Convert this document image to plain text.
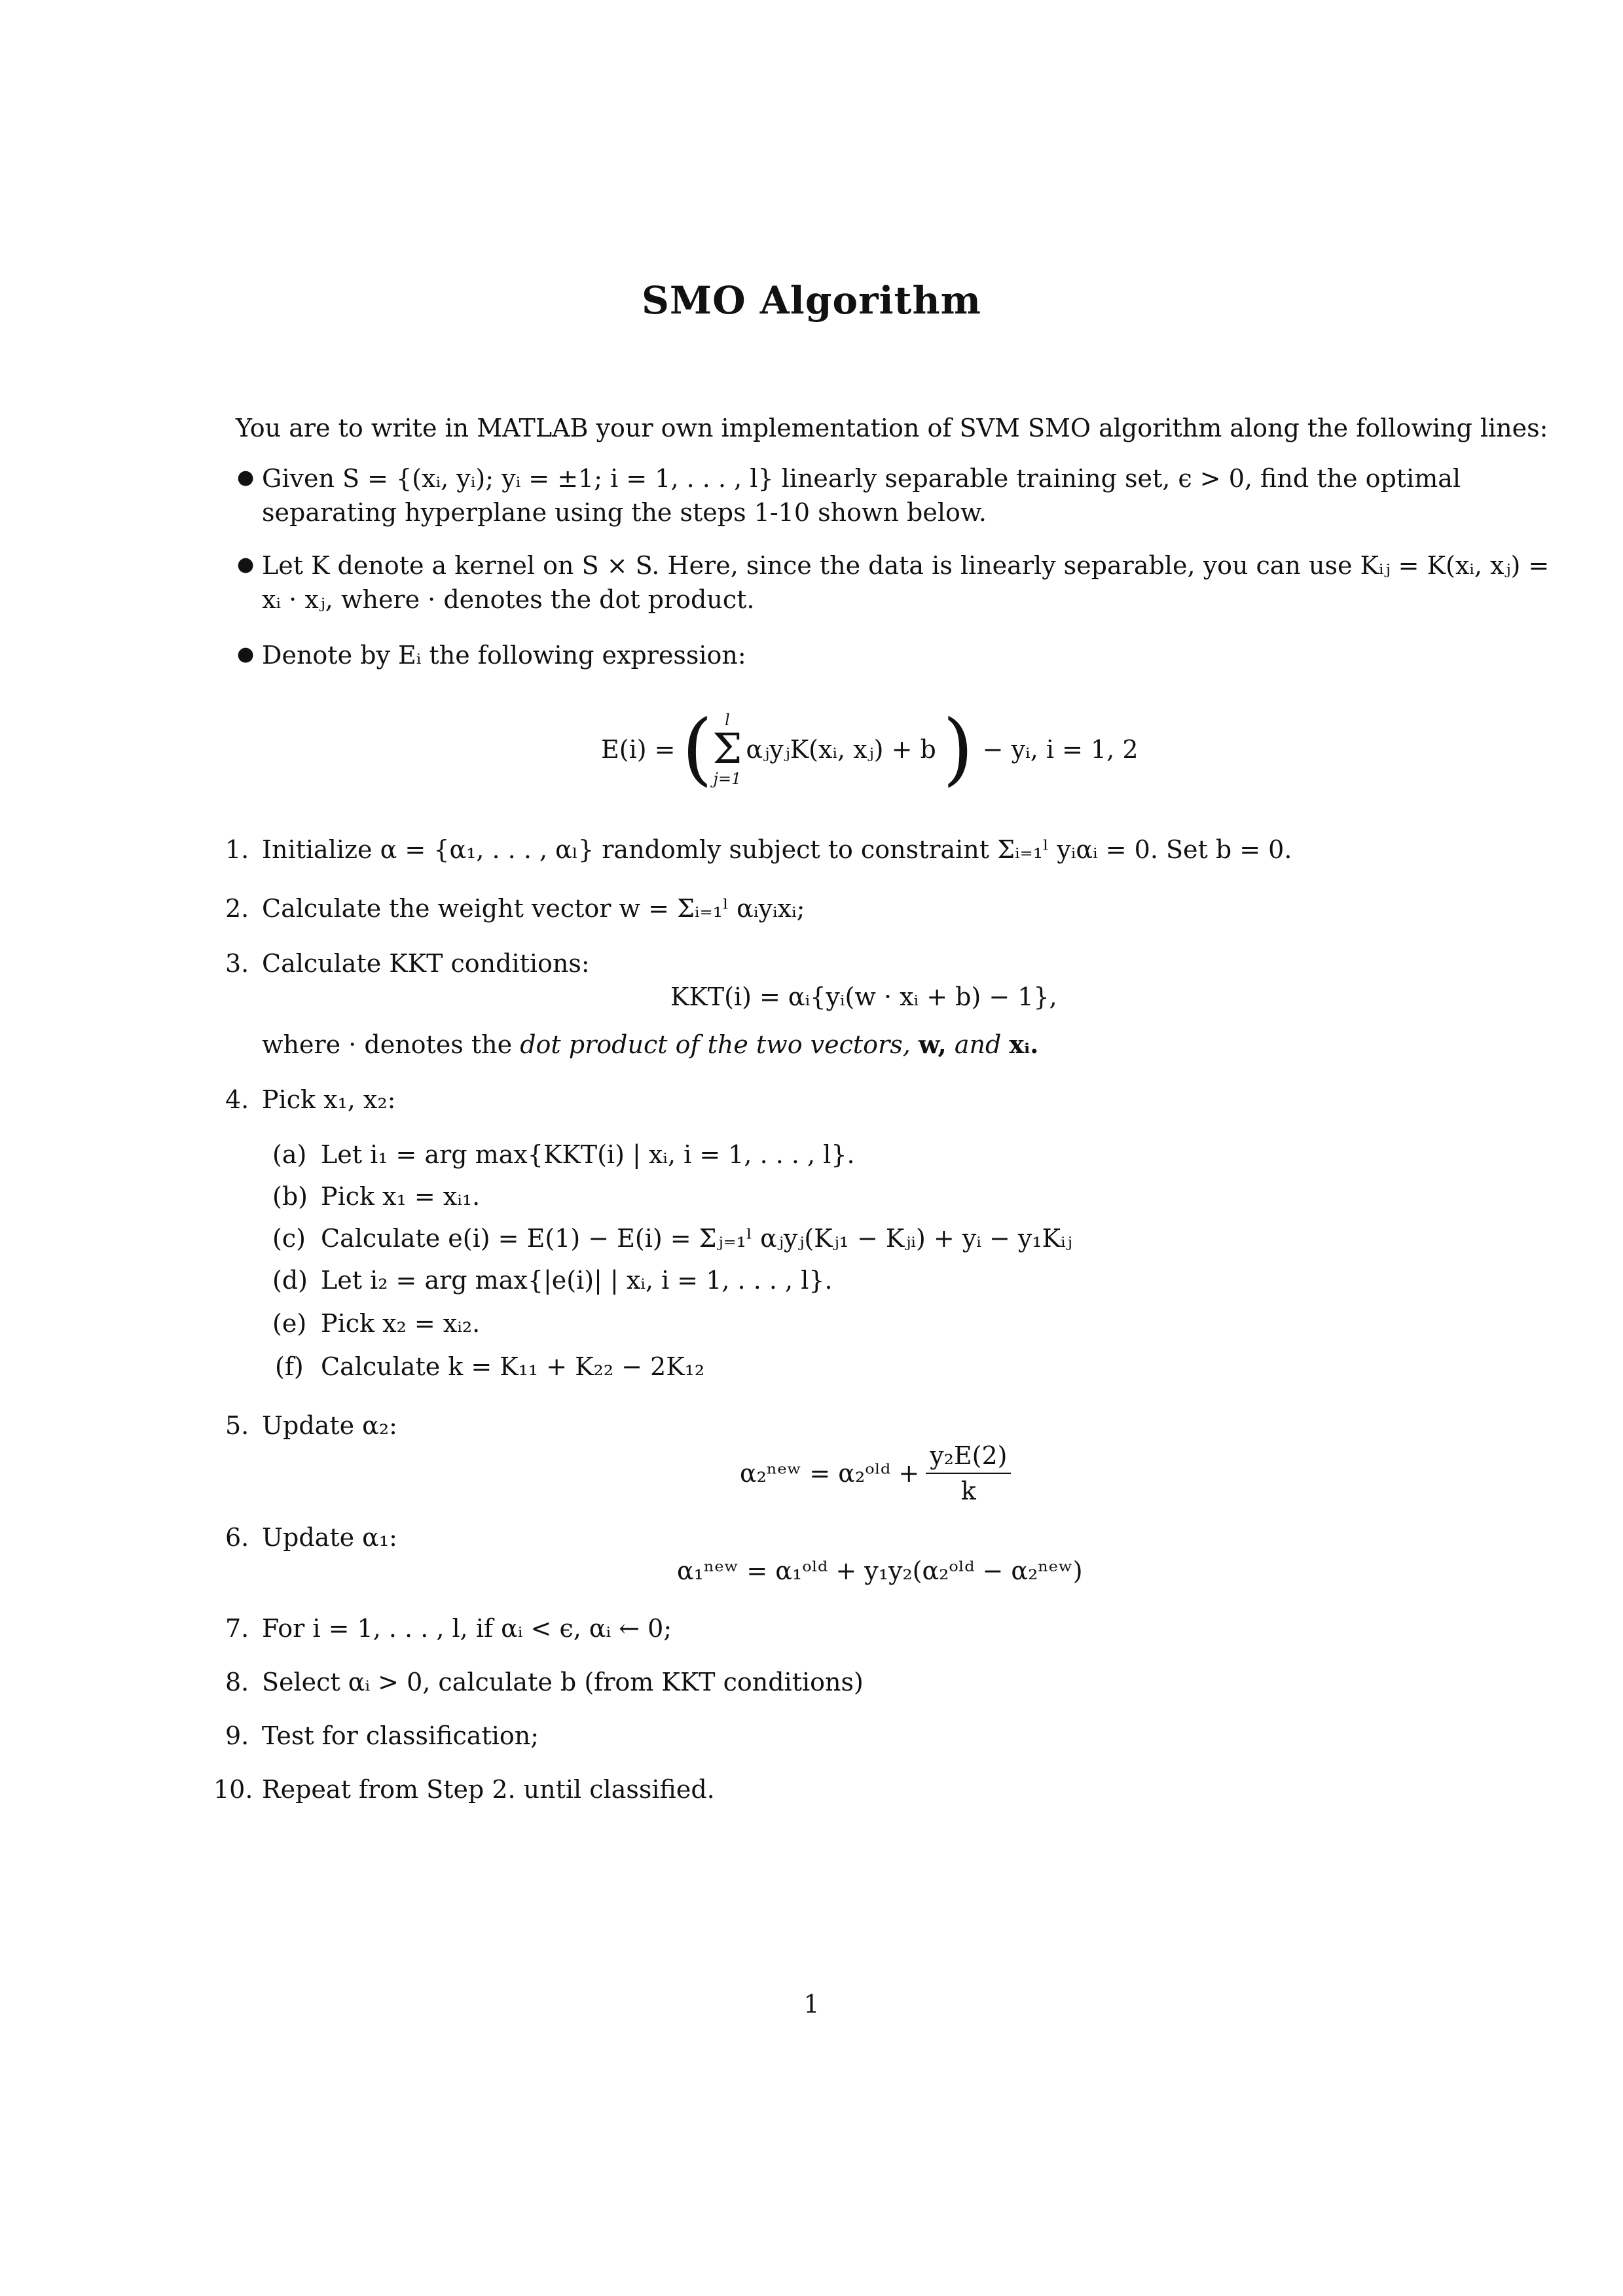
SMO Algorithm
You are to write in MATLAB your own implementation of SVM SMO algorithm along the following lines:
● Given S = {(xᵢ, yᵢ); yᵢ = ±1; i = 1, . . . , l} linearly separable training set, ϵ > 0, find the optimal
separating hyperplane using the steps 1-10 shown below.
● Let K denote a kernel on S × S. Here, since the data is linearly separable, you can use Kᵢⱼ = K(xᵢ, xⱼ) =
xᵢ · xⱼ, where · denotes the dot product.
● Denote by Eᵢ the following expression:
E(i) = ( l
Σ
j=1
αⱼyⱼK(xᵢ, xⱼ) + b ) − yᵢ, i = 1, 2
1. Initialize α = {α₁, . . . , αₗ} randomly subject to constraint Σᵢ₌₁ˡ yᵢαᵢ = 0. Set b = 0.
2. Calculate the weight vector w = Σᵢ₌₁ˡ αᵢyᵢxᵢ;
3. Calculate KKT conditions:
KKT(i) = αᵢ{yᵢ(w · xᵢ + b) − 1},
where · denotes the dot product of the two vectors, w, and xᵢ.
4. Pick x₁, x₂:
(a) Let i₁ = arg max{KKT(i) | xᵢ, i = 1, . . . , l}.
(b) Pick x₁ = xᵢ₁.
(c) Calculate e(i) = E(1) − E(i) = Σⱼ₌₁ˡ αⱼyⱼ(Kⱼ₁ − Kⱼᵢ) + yᵢ − y₁Kᵢⱼ
(d) Let i₂ = arg max{|e(i)| | xᵢ, i = 1, . . . , l}.
(e) Pick x₂ = xᵢ₂.
(f) Calculate k = K₁₁ + K₂₂ − 2K₁₂
5. Update α₂:
α₂ⁿᵉʷ = α₂ᵒˡᵈ + $\frac{\text{y₂E(2)}}{k}$
6. Update α₁:
α₁ⁿᵉʷ = α₁ᵒˡᵈ + y₁y₂(α₂ᵒˡᵈ − α₂ⁿᵉʷ)
7. For i = 1, . . . , l, if αᵢ < ϵ, αᵢ ← 0;
8. Select αᵢ > 0, calculate b (from KKT conditions)
9. Test for classification;
10. Repeat from Step 2. until classified.
1
